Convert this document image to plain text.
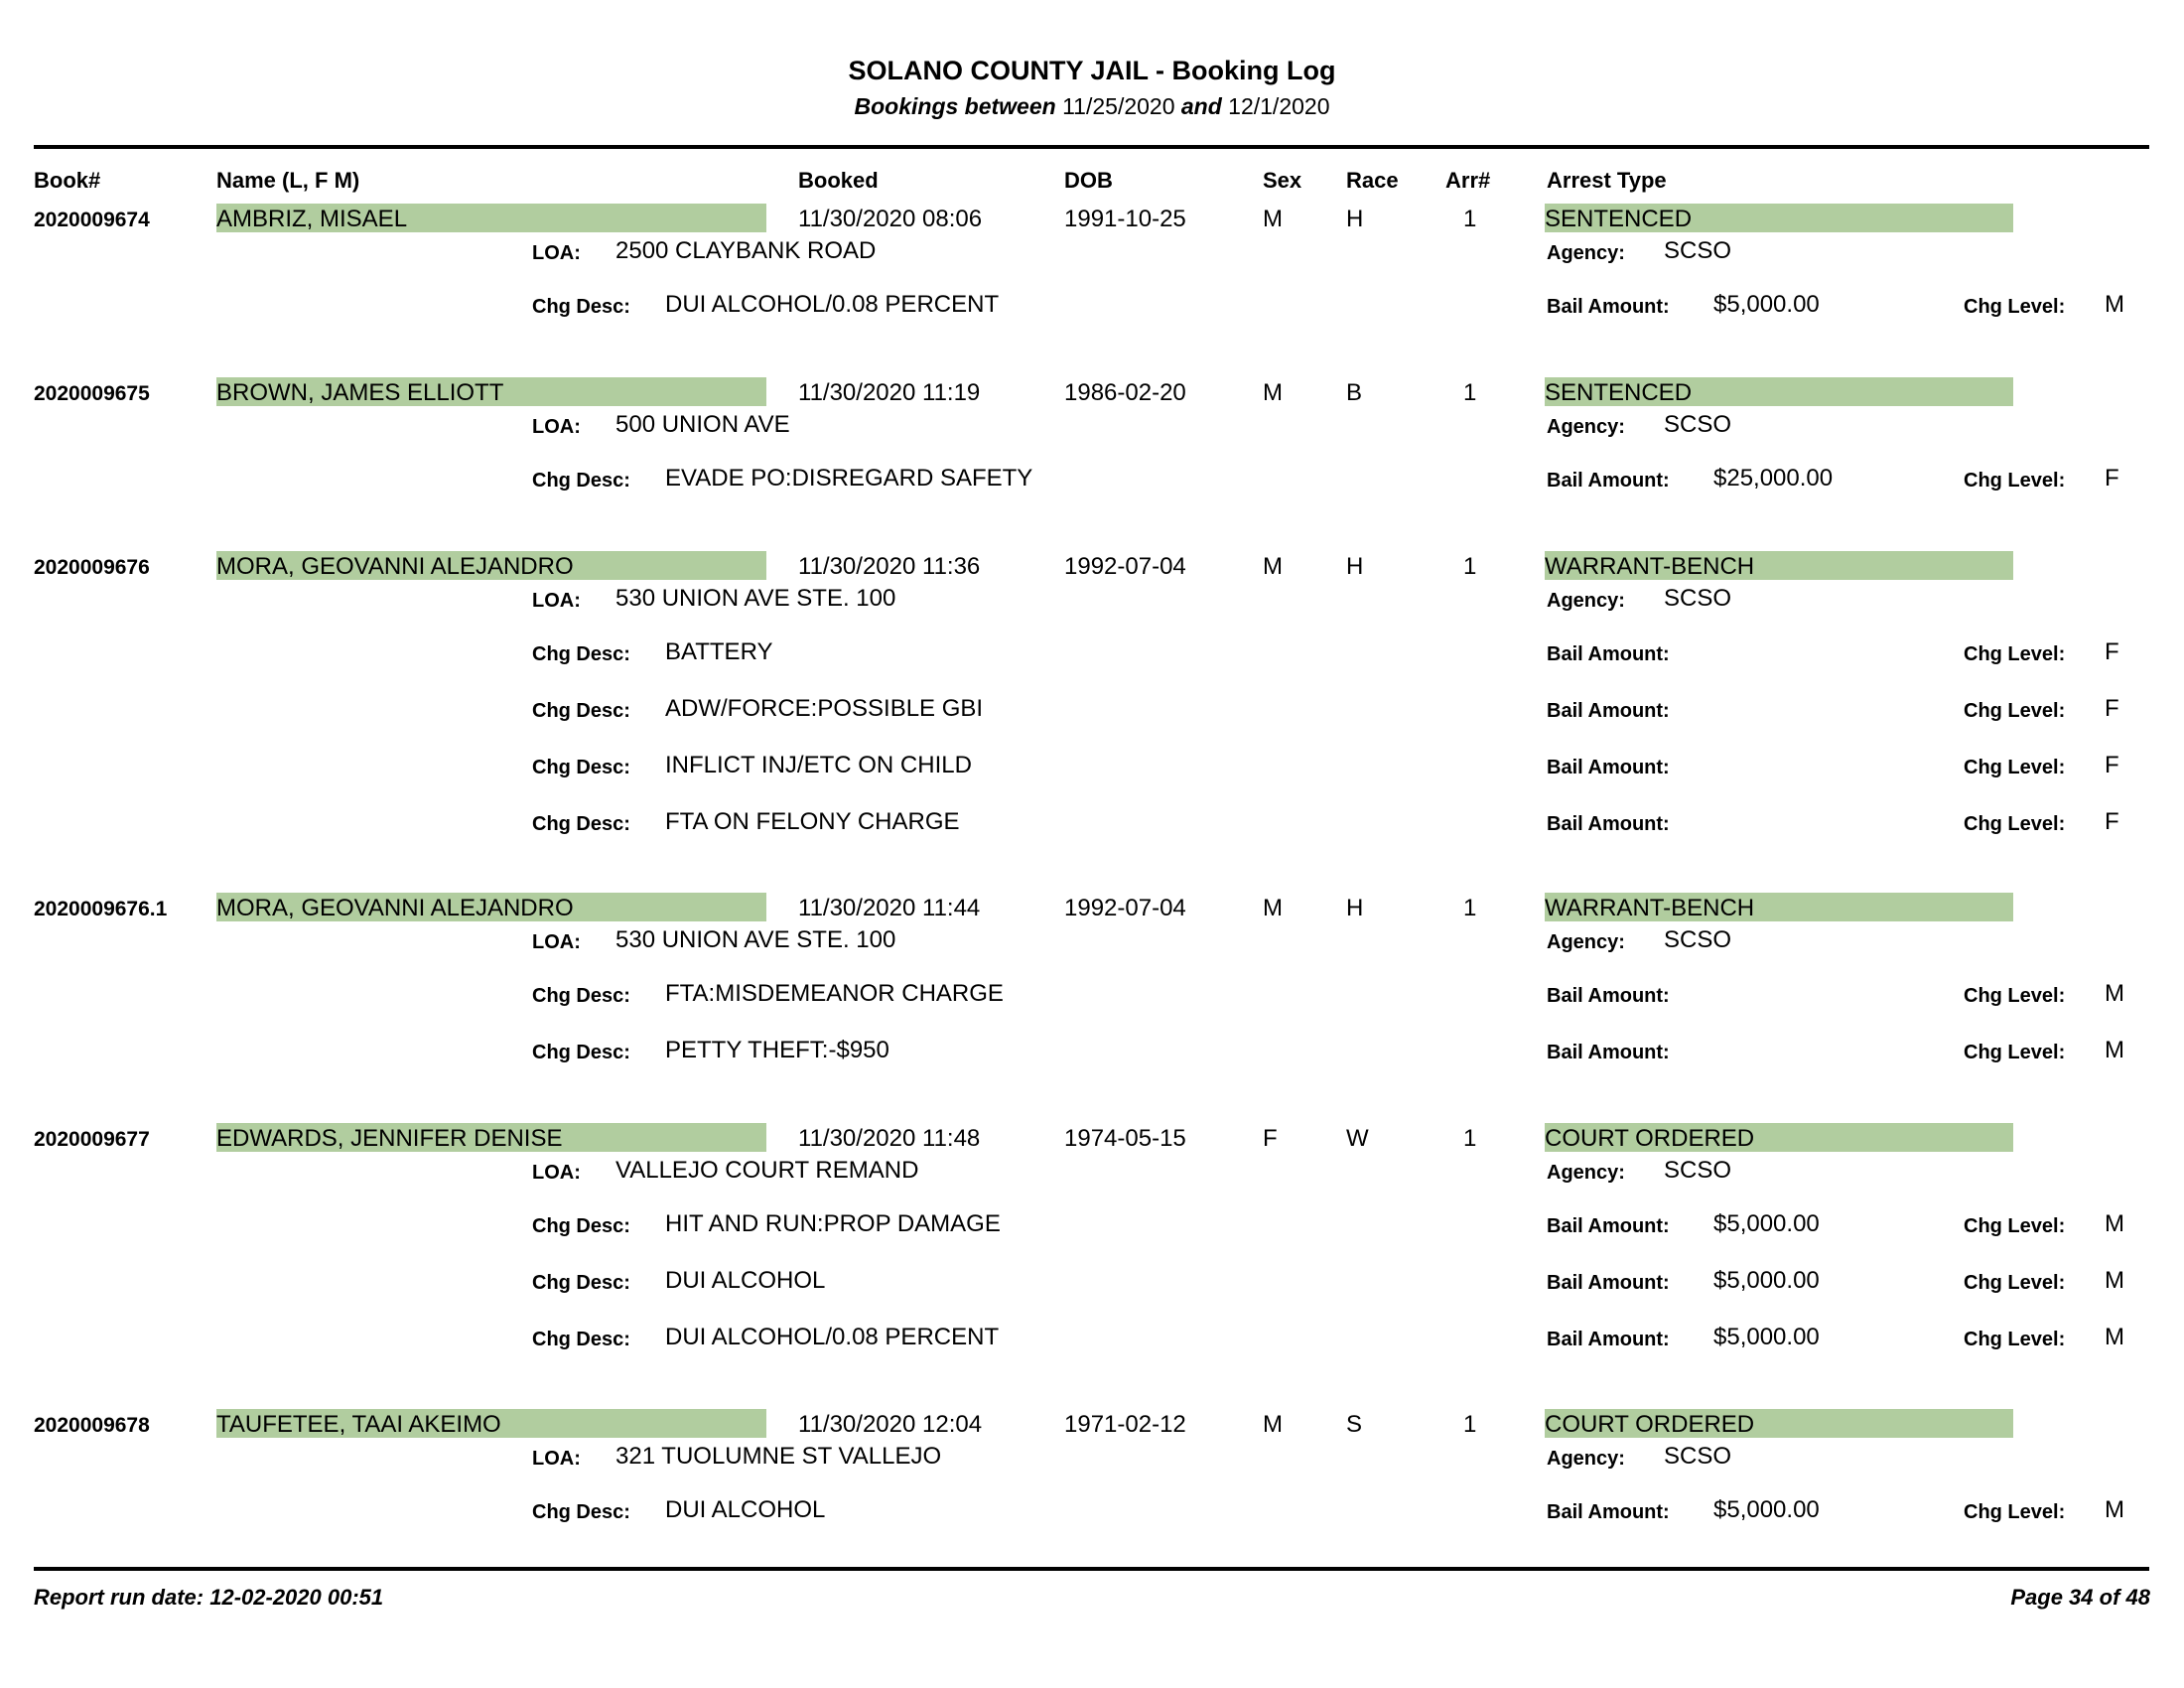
SOLANO COUNTY JAIL - Booking Log
Bookings between 11/25/2020 and 12/1/2020
Book#	Name (L, F M)	Booked	DOB	Sex Race Arr#	Arrest Type
2020009674	AMBRIZ, MISAEL	11/30/2020 08:06	1991-10-25	M	H	1	SENTENCED
LOA: 2500 CLAYBANK ROAD	Agency: SCSO
Chg Desc: DUI ALCOHOL/0.08 PERCENT	Bail Amount: $5,000.00	Chg Level: M
2020009675	BROWN, JAMES ELLIOTT	11/30/2020 11:19	1986-02-20	M	B	1	SENTENCED
LOA: 500 UNION AVE	Agency: SCSO
Chg Desc: EVADE PO:DISREGARD SAFETY	Bail Amount: $25,000.00	Chg Level: F
2020009676	MORA, GEOVANNI ALEJANDRO	11/30/2020 11:36	1992-07-04	M	H	1	WARRANT-BENCH
LOA: 530 UNION AVE STE. 100	Agency: SCSO
Chg Desc: BATTERY	Bail Amount:	Chg Level: F
Chg Desc: ADW/FORCE:POSSIBLE GBI	Bail Amount:	Chg Level: F
Chg Desc: INFLICT INJ/ETC ON CHILD	Bail Amount:	Chg Level: F
Chg Desc: FTA ON FELONY CHARGE	Bail Amount:	Chg Level: F
2020009676.1 MORA, GEOVANNI ALEJANDRO	11/30/2020 11:44	1992-07-04	M	H	1	WARRANT-BENCH
LOA: 530 UNION AVE STE. 100	Agency: SCSO
Chg Desc: FTA:MISDEMEANOR CHARGE	Bail Amount:	Chg Level: M
Chg Desc: PETTY THEFT:-$950	Bail Amount:	Chg Level: M
2020009677	EDWARDS, JENNIFER DENISE	11/30/2020 11:48	1974-05-15	F	W	1	COURT ORDERED
LOA: VALLEJO COURT REMAND	Agency: SCSO
Chg Desc: HIT AND RUN:PROP DAMAGE	Bail Amount: $5,000.00	Chg Level: M
Chg Desc: DUI ALCOHOL	Bail Amount: $5,000.00	Chg Level: M
Chg Desc: DUI ALCOHOL/0.08 PERCENT	Bail Amount: $5,000.00	Chg Level: M
2020009678	TAUFETEE, TAAI AKEIMO	11/30/2020 12:04	1971-02-12	M	S	1	COURT ORDERED
LOA: 321 TUOLUMNE ST VALLEJO	Agency: SCSO
Chg Desc: DUI ALCOHOL	Bail Amount: $5,000.00	Chg Level: M
Report run date: 12-02-2020 00:51	Page 34 of 48
